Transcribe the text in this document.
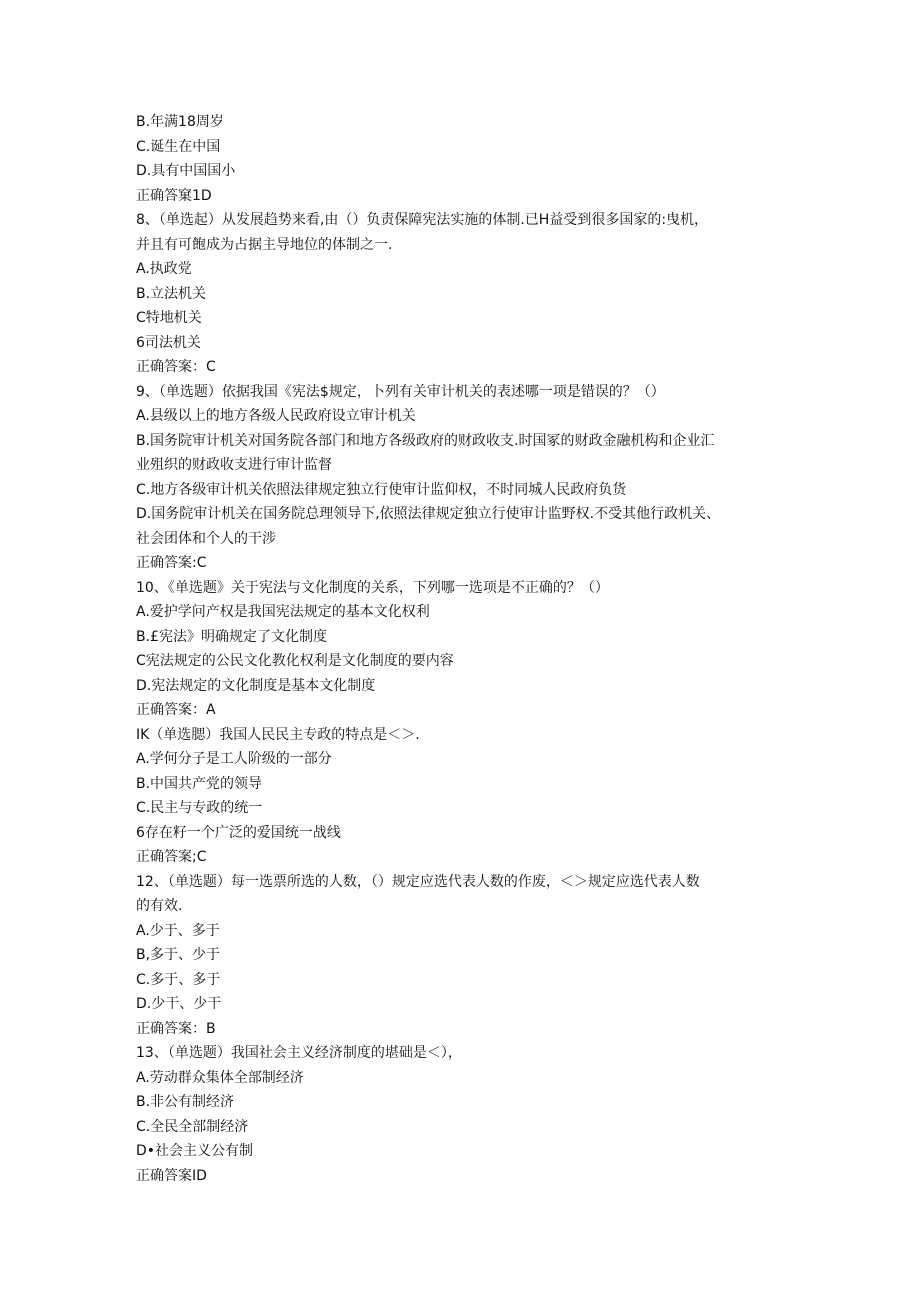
B.年满18周岁
C.诞生在中国
D.具有中国国小
正确答窠1D
8、（单选起）从发展趋势来看,由（）负责保障宪法实施的体制.已H益受到很多国家的:曳机，
并且有可飽成为占据主导地位的体制之一.
A.执政党
B.立法机关
C特地机关
6司法机关
正确答案：C
9、（单选题）依据我国《宪法$规定，卜列有关审计机关的表述哪一项是错误的？（）
A.县级以上的地方各级人民政府设立审计机关
B.国务院审计机关对国务院各部门和地方各级政府的财政收支.时国冢的财政金融机构和企业汇
业殂织的财政收支进行审计监督
C.地方各级审计机关依照法律规定独立行使审计监仰权，不时同城人民政府负货
D.国务院审计机关在国务院总理领导下,依照法律规定独立行使审计监野权.不受其他行政机关、
社会团体和个人的干涉
正确答案:C
10、《单选题》关于宪法与文化制度的关系，下列哪一选项是不正确的？（）
A.爱护学问产权是我国宪法规定的基本文化权利
B.£宪法》明确规定了文化制度
C宪法规定的公民文化教化权利是文化制度的要内容
D.宪法规定的文化制度是基本文化制度
正确答案：A
IK（单选腮）我国人民民主专政的特点是＜＞.
A.学何分子是工人阶级的一部分
B.中国共产党的领导
C.民主与专政的统一
6存在籽一个广泛的爱国统一战线
正确答案;C
12、（单选题）每一选票所选的人数，（）规定应选代表人数的作废，＜＞规定应选代表人数
的有效.
A.少于、多于
B,多于、少于
C.多于、多于
D.少干、少干
正确答案：B
13、（单选题）我国社会主义经济制度的堪础是＜），
A.劳动群众集体全部制经济
B.非公有制经济
C.全民全部制经济
D•社会主义公有制
正确答案ID
